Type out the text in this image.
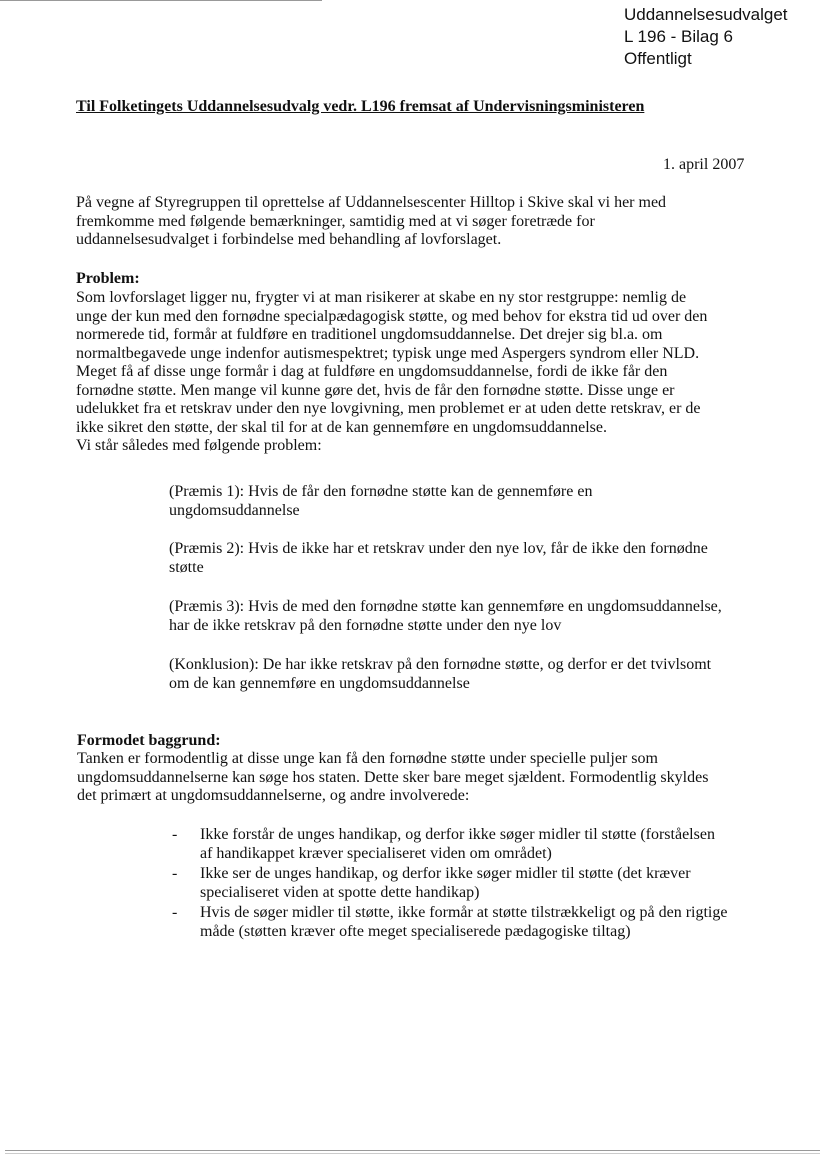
Uddannelsesudvalget
L 196 - Bilag 6
Offentligt
Til Folketingets Uddannelsesudvalg vedr. L196 fremsat af Undervisningsministeren
1. april 2007
På vegne af Styregruppen til oprettelse af Uddannelsescenter Hilltop i Skive skal vi her med
fremkomme med følgende bemærkninger, samtidig med at vi søger foretræde for
uddannelsesudvalget i forbindelse med behandling af lovforslaget.
Problem:
Som lovforslaget ligger nu, frygter vi at man risikerer at skabe en ny stor restgruppe: nemlig de
unge der kun med den fornødne specialpædagogisk støtte, og med behov for ekstra tid ud over den
normerede tid, formår at fuldføre en traditionel ungdomsuddannelse. Det drejer sig bl.a. om
normaltbegavede unge indenfor autismespektret; typisk unge med Aspergers syndrom eller NLD.
Meget få af disse unge formår i dag at fuldføre en ungdomsuddannelse, fordi de ikke får den
fornødne støtte. Men mange vil kunne gøre det, hvis de får den fornødne støtte. Disse unge er
udelukket fra et retskrav under den nye lovgivning, men problemet er at uden dette retskrav, er de
ikke sikret den støtte, der skal til for at de kan gennemføre en ungdomsuddannelse.
Vi står således med følgende problem:
(Præmis 1): Hvis de får den fornødne støtte kan de gennemføre en
ungdomsuddannelse
(Præmis 2): Hvis de ikke har et retskrav under den nye lov, får de ikke den fornødne
støtte
(Præmis 3): Hvis de med den fornødne støtte kan gennemføre en ungdomsuddannelse,
har de ikke retskrav på den fornødne støtte under den nye lov
(Konklusion): De har ikke retskrav på den fornødne støtte, og derfor er det tvivlsomt
om de kan gennemføre en ungdomsuddannelse
Formodet baggrund:
Tanken er formodentlig at disse unge kan få den fornødne støtte under specielle puljer som
ungdomsuddannelserne kan søge hos staten. Dette sker bare meget sjældent. Formodentlig skyldes
det primært at ungdomsuddannelserne, og andre involverede:
- Ikke forstår de unges handikap, og derfor ikke søger midler til støtte (forståelsen
af handikappet kræver specialiseret viden om området)
- Ikke ser de unges handikap, og derfor ikke søger midler til støtte (det kræver
specialiseret viden at spotte dette handikap)
- Hvis de søger midler til støtte, ikke formår at støtte tilstrækkeligt og på den rigtige
måde (støtten kræver ofte meget specialiserede pædagogiske tiltag)
